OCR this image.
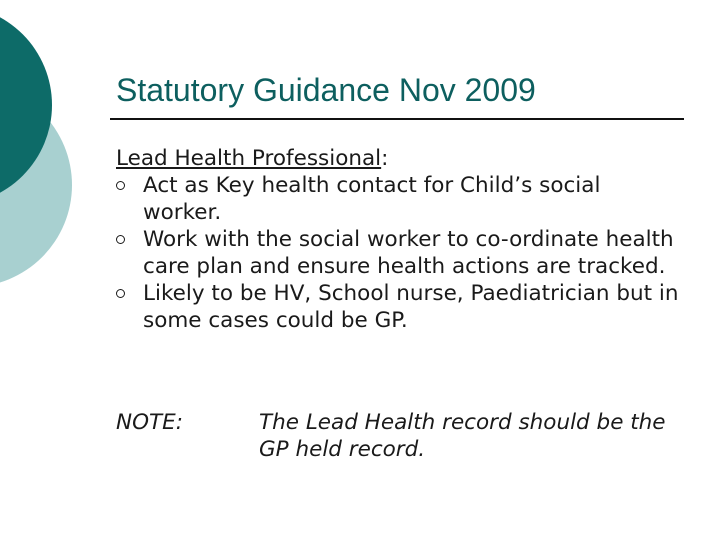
Statutory Guidance Nov 2009
Lead Health Professional:
Act as Key health contact for Child’s social worker.
Work with the social worker to co-ordinate health care plan and ensure health actions are tracked.
Likely to be HV, School nurse, Paediatrician but in some cases could be GP.
NOTE:	The Lead Health record should be the GP held record.
